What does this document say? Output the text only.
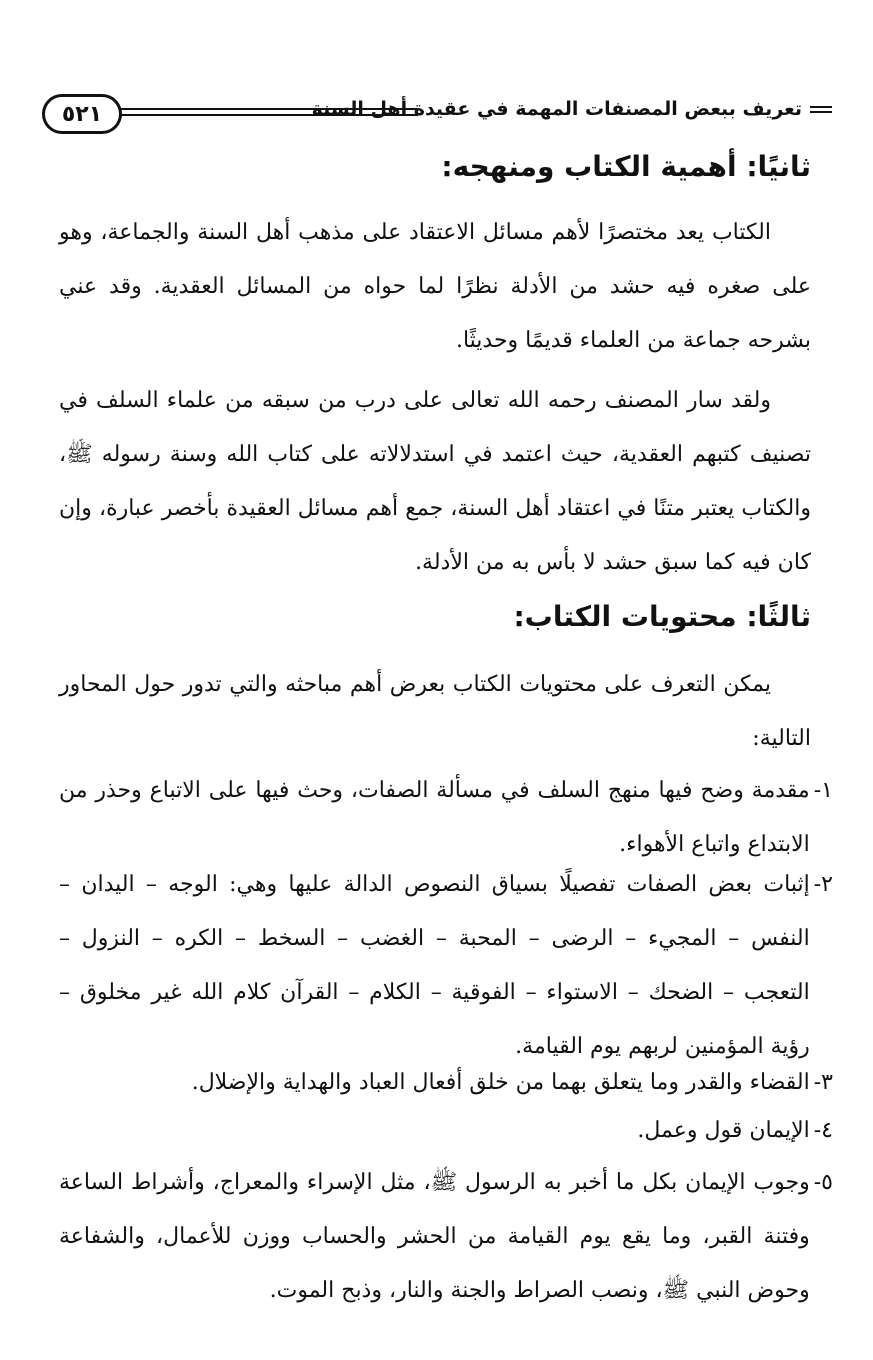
٥٢١	تعريف ببعض المصنفات المهمة في عقيدة أهل السنة
ثانيًا: أهمية الكتاب ومنهجه:
الكتاب يعد مختصرًا لأهم مسائل الاعتقاد على مذهب أهل السنة والجماعة، وهو على صغره فيه حشد من الأدلة نظرًا لما حواه من المسائل العقدية. وقد عني بشرحه جماعة من العلماء قديمًا وحديثًا.
ولقد سار المصنف رحمه الله تعالى على درب من سبقه من علماء السلف في تصنيف كتبهم العقدية، حيث اعتمد في استدلالاته على كتاب الله وسنة رسوله ﷺ، والكتاب يعتبر متنًا في اعتقاد أهل السنة، جمع أهم مسائل العقيدة بأخصر عبارة، وإن كان فيه كما سبق حشد لا بأس به من الأدلة.
ثالثًا: محتويات الكتاب:
يمكن التعرف على محتويات الكتاب بعرض أهم مباحثه والتي تدور حول المحاور التالية:
١-
مقدمة وضح فيها منهج السلف في مسألة الصفات، وحث فيها على الاتباع وحذر من الابتداع واتباع الأهواء.
٢-
إثبات بعض الصفات تفصيلًا بسياق النصوص الدالة عليها وهي: الوجه – اليدان – النفس – المجيء – الرضى – المحبة – الغضب – السخط – الكره – النزول – التعجب – الضحك – الاستواء – الفوقية – الكلام – القرآن كلام الله غير مخلوق – رؤية المؤمنين لربهم يوم القيامة.
٣-
القضاء والقدر وما يتعلق بهما من خلق أفعال العباد والهداية والإضلال.
٤-
الإيمان قول وعمل.
٥-
وجوب الإيمان بكل ما أخبر به الرسول ﷺ، مثل الإسراء والمعراج، وأشراط الساعة وفتنة القبر، وما يقع يوم القيامة من الحشر والحساب ووزن للأعمال، والشفاعة وحوض النبي ﷺ، ونصب الصراط والجنة والنار، وذبح الموت.
